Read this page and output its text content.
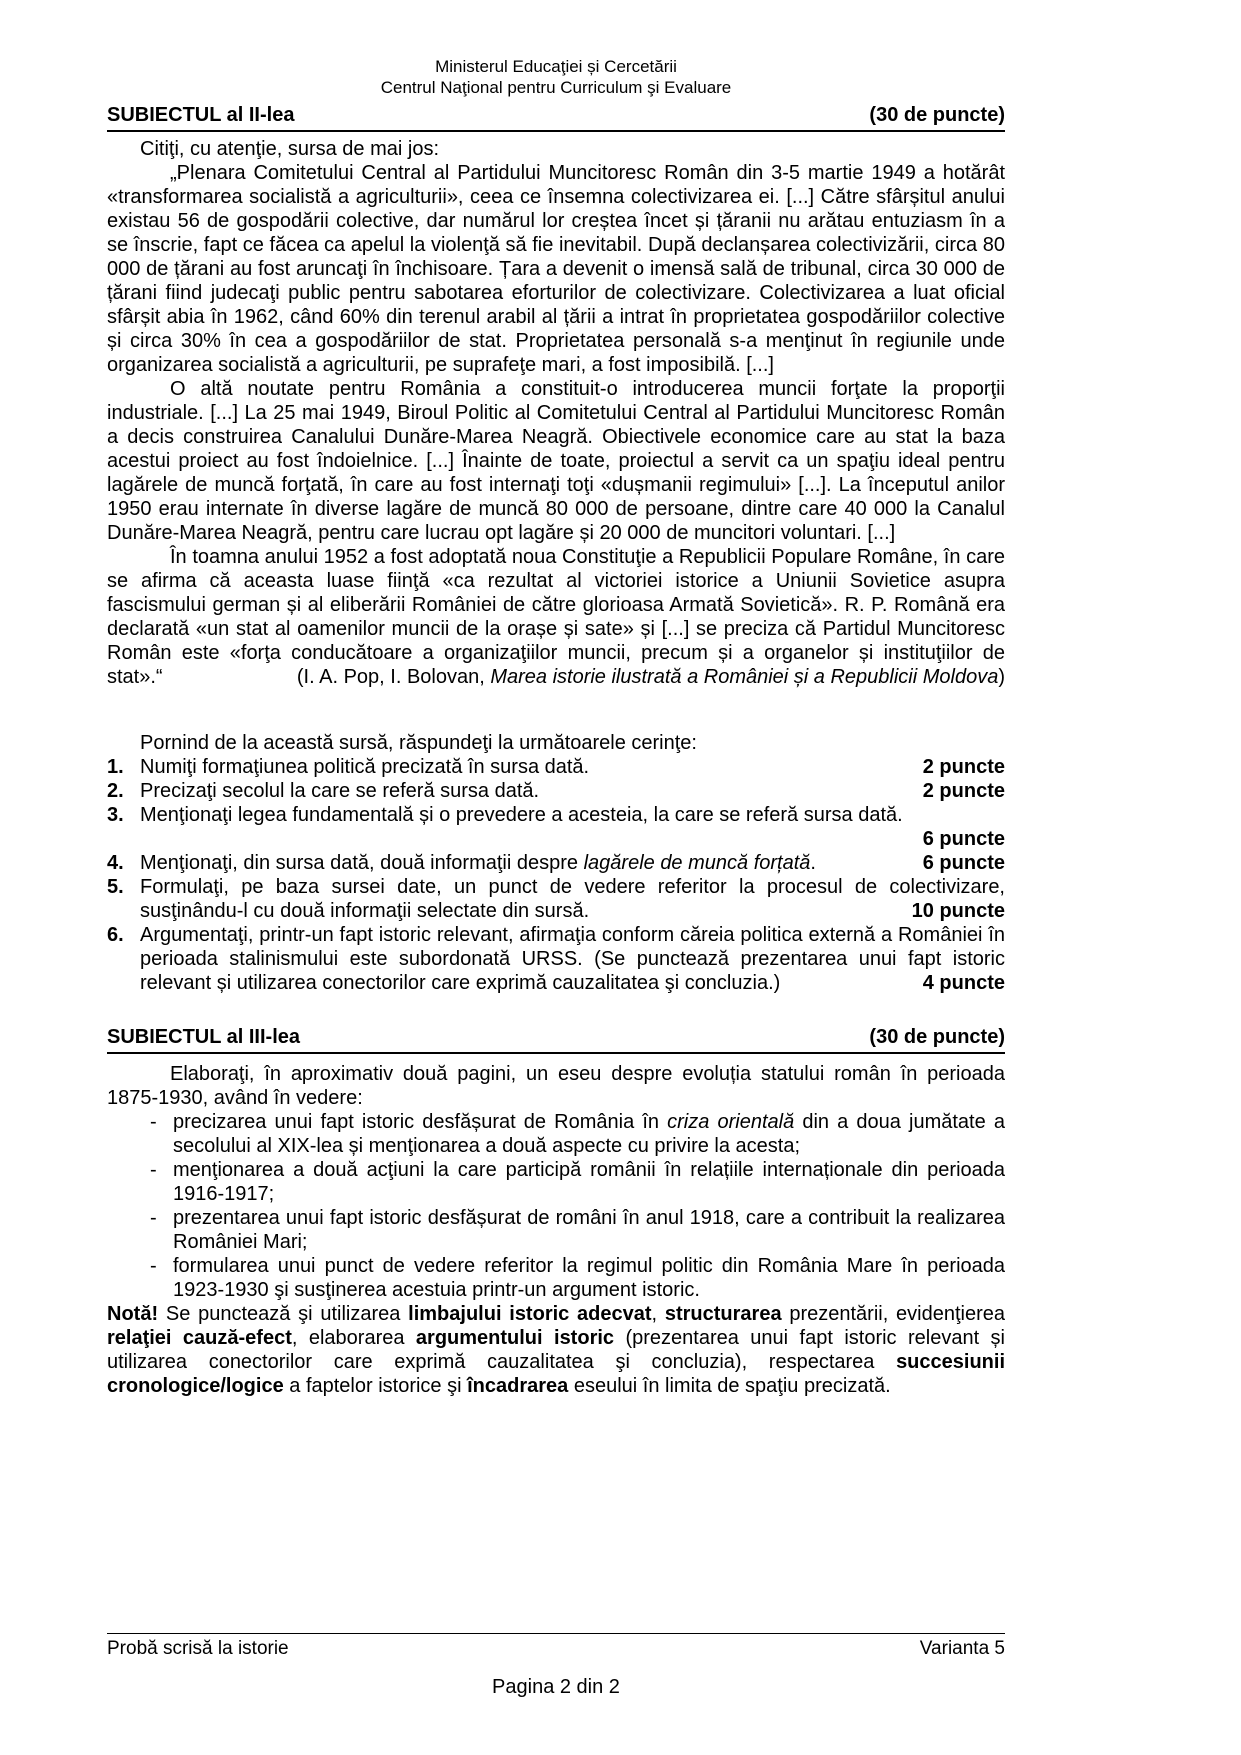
Ministerul Educaţiei și Cercetării
Centrul Naţional pentru Curriculum şi Evaluare
SUBIECTUL al II-lea	(30 de puncte)

Citiţi, cu atenţie, sursa de mai jos:

„Plenara Comitetului Central al Partidului Muncitoresc Român din 3-5 martie 1949 a hotărât «transformarea socialistă a agriculturii», ceea ce însemna colectivizarea ei. [...] Către sfârșitul anului existau 56 de gospodării colective, dar numărul lor creștea încet și țăranii nu arătau entuziasm în a se înscrie, fapt ce făcea ca apelul la violenţă să fie inevitabil. După declanșarea colectivizării, circa 80 000 de țărani au fost aruncaţi în închisoare. Țara a devenit o imensă sală de tribunal, circa 30 000 de țărani fiind judecaţi public pentru sabotarea eforturilor de colectivizare. Colectivizarea a luat oficial sfârșit abia în 1962, când 60% din terenul arabil al țării a intrat în proprietatea gospodăriilor colective și circa 30% în cea a gospodăriilor de stat. Proprietatea personală s-a menţinut în regiunile unde organizarea socialistă a agriculturii, pe suprafeţe mari, a fost imposibilă. [...]

O altă noutate pentru România a constituit-o introducerea muncii forţate la proporţii industriale. [...] La 25 mai 1949, Biroul Politic al Comitetului Central al Partidului Muncitoresc Român a decis construirea Canalului Dunăre-Marea Neagră. Obiectivele economice care au stat la baza acestui proiect au fost îndoielnice. [...] Înainte de toate, proiectul a servit ca un spaţiu ideal pentru lagărele de muncă forţată, în care au fost internaţi toţi «dușmanii regimului» [...]. La începutul anilor 1950 erau internate în diverse lagăre de muncă 80 000 de persoane, dintre care 40 000 la Canalul Dunăre-Marea Neagră, pentru care lucrau opt lagăre și 20 000 de muncitori voluntari. [...]

În toamna anului 1952 a fost adoptată noua Constituţie a Republicii Populare Române, în care se afirma că aceasta luase fiinţă «ca rezultat al victoriei istorice a Uniunii Sovietice asupra fascismului german și al eliberării României de către glorioasa Armată Sovietică». R. P. Română era declarată «un stat al oamenilor muncii de la orașe și sate» și [...] se preciza că Partidul Muncitoresc Român este «forţa conducătoare a organizaţiilor muncii, precum și a organelor și instituţiilor de stat».“	(I. A. Pop, I. Bolovan, Marea istorie ilustrată a României și a Republicii Moldova)

Pornind de la această sursă, răspundeţi la următoarele cerinţe:

1. Numiţi formaţiunea politică precizată în sursa dată.	2 puncte
2. Precizaţi secolul la care se referă sursa dată.	2 puncte
3. Menţionaţi legea fundamentală și o prevedere a acesteia, la care se referă sursa dată.
6 puncte
4. Menţionaţi, din sursa dată, două informaţii despre lagărele de muncă forțată.	6 puncte
5. Formulaţi, pe baza sursei date, un punct de vedere referitor la procesul de colectivizare, susţinându-l cu două informaţii selectate din sursă.	10 puncte
6. Argumentaţi, printr-un fapt istoric relevant, afirmaţia conform căreia politica externă a României în perioada stalinismului este subordonată URSS. (Se punctează prezentarea unui fapt istoric relevant și utilizarea conectorilor care exprimă cauzalitatea şi concluzia.)	4 puncte
SUBIECTUL al III-lea	(30 de puncte)

Elaboraţi, în aproximativ două pagini, un eseu despre evoluția statului român în perioada 1875-1930, având în vedere:

- precizarea unui fapt istoric desfășurat de România în criza orientală din a doua jumătate a secolului al XIX-lea și menţionarea a două aspecte cu privire la acesta;
- menţionarea a două acţiuni la care participă românii în relațiile internaționale din perioada 1916-1917;
- prezentarea unui fapt istoric desfășurat de români în anul 1918, care a contribuit la realizarea României Mari;
- formularea unui punct de vedere referitor la regimul politic din România Mare în perioada 1923-1930 şi susţinerea acestuia printr-un argument istoric.

Notă! Se punctează şi utilizarea limbajului istoric adecvat, structurarea prezentării, evidenţierea relaţiei cauză-efect, elaborarea argumentului istoric (prezentarea unui fapt istoric relevant și utilizarea conectorilor care exprimă cauzalitatea şi concluzia), respectarea succesiunii cronologice/logice a faptelor istorice şi încadrarea eseului în limita de spaţiu precizată.

Probă scrisă la istorie	Varianta 5
Pagina 2 din 2
